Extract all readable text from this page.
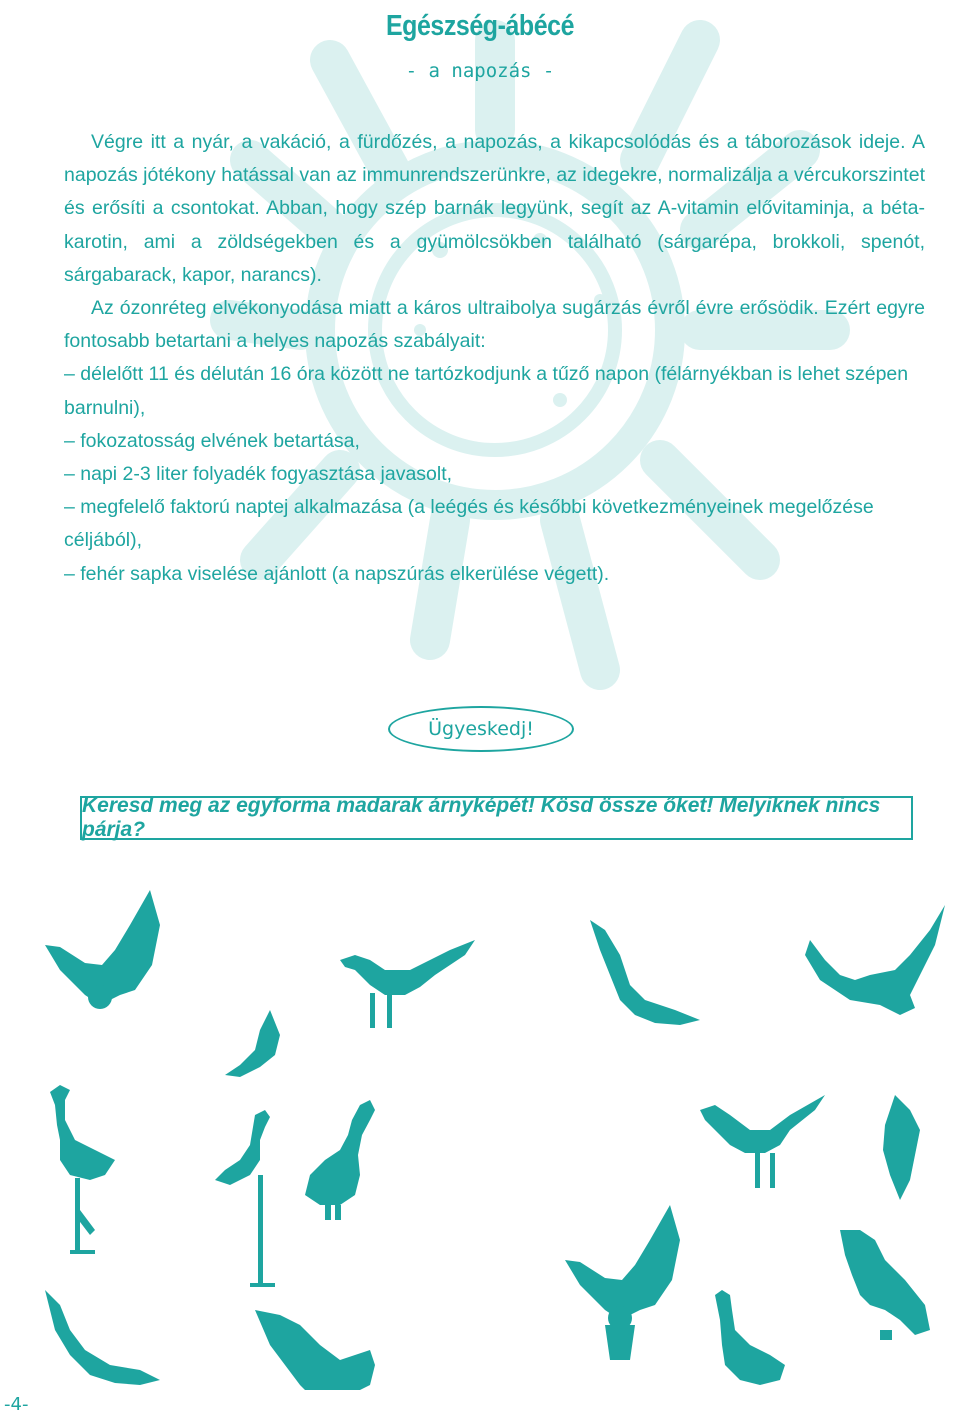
Egészség-ábécé
- a napozás -

Végre itt a nyár, a vakáció, a fürdőzés, a napozás, a kikapcsolódás és a táborozások ideje. A napozás jótékony hatással van az immunrendszerünkre, az idegekre, normalizálja a vércukorszintet és erősíti a csontokat. Abban, hogy szép barnák legyünk, segít az A-vitamin elővitaminja, a béta-karotin, ami a zöldségekben és a gyümölcsökben található (sárgarépa, brokkoli, spenót, sárgabarack, kapor, narancs).

Az ózonréteg elvékonyodása miatt a káros ultraibolya sugárzás évről évre erősödik. Ezért egyre fontosabb betartani a helyes napozás szabályait:

– délelőtt 11 és délután 16 óra között ne tartózkodjunk a tűző napon (félárnyékban is lehet szépen barnulni),

– fokozatosság elvének betartása,

– napi 2-3 liter folyadék fogyasztása javasolt,

– megfelelő faktorú naptej alkalmazása (a leégés és későbbi következményeinek megelőzése céljából),

– fehér sapka viselése ajánlott (a napszúrás elkerülése végett).

Ügyeskedj!
Keresd meg az egyforma madarak árnyképét! Kösd össze őket! Melyiknek nincs párja?
-4-
